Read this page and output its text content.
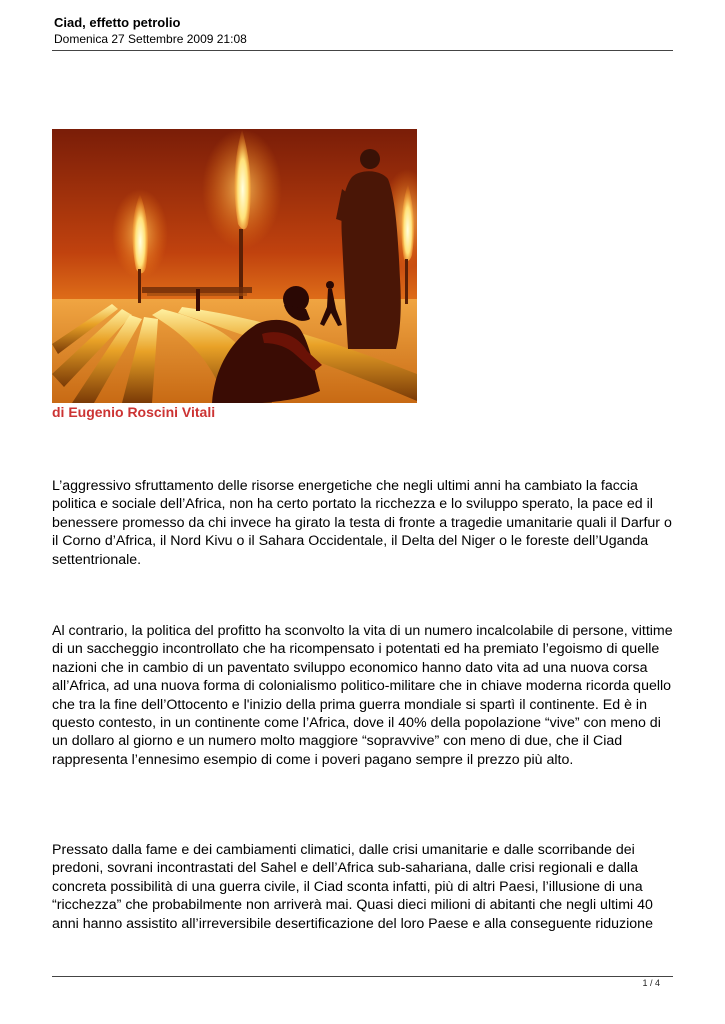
Ciad, effetto petrolio
Domenica 27 Settembre 2009 21:08
di Eugenio Roscini Vitali

L’aggressivo sfruttamento delle risorse energetiche che negli ultimi anni ha cambiato la faccia politica e sociale dell’Africa, non ha certo portato la ricchezza e lo sviluppo sperato, la pace ed il benessere promesso da chi invece ha girato la testa di fronte a tragedie umanitarie quali il Darfur o il Corno d’Africa, il Nord Kivu o il Sahara Occidentale, il Delta del Niger o le foreste dell’Uganda settentrionale.

Al contrario, la politica del profitto ha sconvolto la vita di un numero incalcolabile di persone, vittime di un saccheggio incontrollato che ha ricompensato i potentati ed ha premiato l’egoismo di quelle nazioni che in cambio di un paventato sviluppo economico hanno dato vita ad una nuova corsa all’Africa, ad una nuova forma di colonialismo politico-militare che in chiave moderna ricorda quello che tra la fine dell’Ottocento e l'inizio della prima guerra mondiale si spartì il continente. Ed è in questo contesto, in un continente come l’Africa, dove il 40% della popolazione “vive” con meno di un dollaro al giorno e un numero molto maggiore “sopravvive” con meno di due, che il Ciad rappresenta l’ennesimo esempio di come i poveri pagano sempre il prezzo più alto.

Pressato dalla fame e dei cambiamenti climatici, dalle crisi umanitarie e dalle scorribande dei predoni, sovrani incontrastati del Sahel e dell’Africa sub-sahariana, dalle crisi regionali e dalla concreta possibilità di una guerra civile, il Ciad sconta infatti, più di altri Paesi, l’illusione di una “ricchezza” che probabilmente non arriverà mai. Quasi dieci milioni di abitanti che negli ultimi 40 anni hanno assistito all’irreversibile desertificazione del loro Paese e alla conseguente riduzione

1 / 4
